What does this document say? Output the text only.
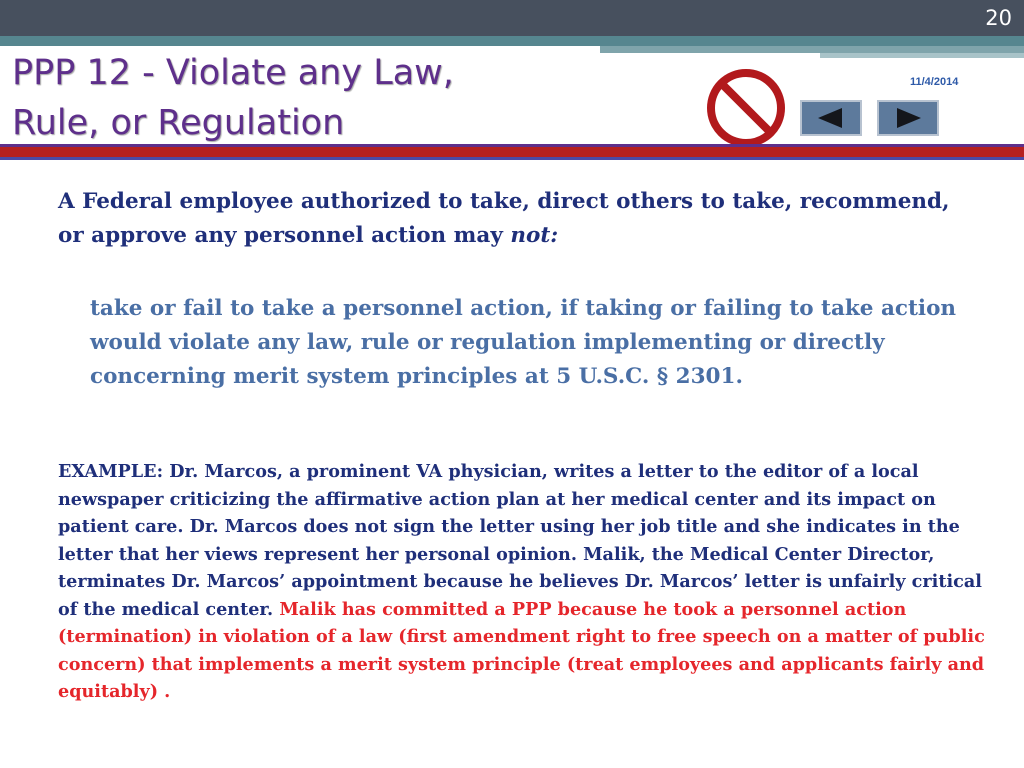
20
PPP 12 - Violate any Law,
Rule, or Regulation
11/4/2014

A Federal employee authorized to take, direct others to take, recommend, or approve any personnel action may not:

take or fail to take a personnel action, if taking or failing to take action would violate any law, rule or regulation implementing or directly concerning merit system principles at 5 U.S.C. § 2301.

EXAMPLE: Dr. Marcos, a prominent VA physician, writes a letter to the editor of a local newspaper criticizing the affirmative action plan at her medical center and its impact on patient care. Dr. Marcos does not sign the letter using her job title and she indicates in the letter that her views represent her personal opinion. Malik, the Medical Center Director, terminates Dr. Marcos’ appointment because he believes Dr. Marcos’ letter is unfairly critical of the medical center. Malik has committed a PPP because he took a personnel action (termination) in violation of a law (first amendment right to free speech on a matter of public concern) that implements a merit system principle (treat employees and applicants fairly and equitably) .
